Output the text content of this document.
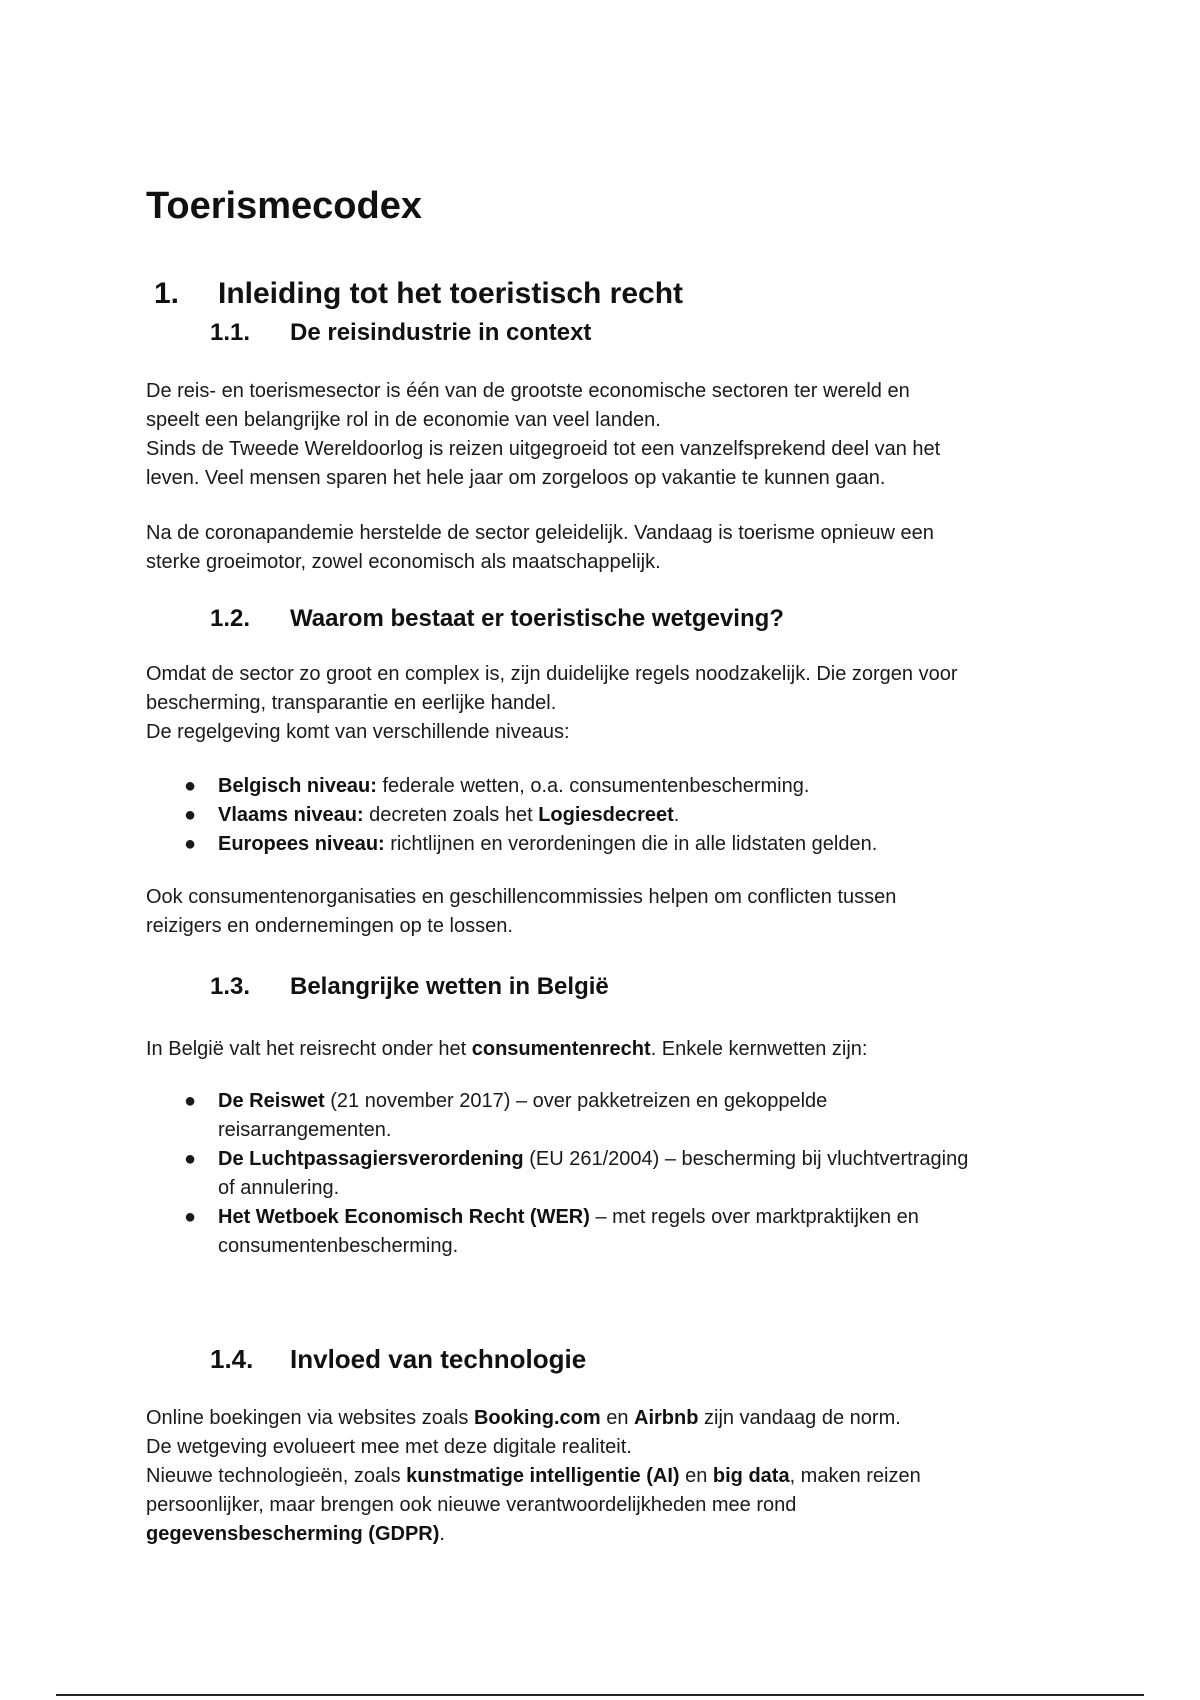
Toerismecodex
1. Inleiding tot het toeristisch recht
1.1. De reisindustrie in context
De reis- en toerismesector is één van de grootste economische sectoren ter wereld en
speelt een belangrijke rol in de economie van veel landen.
Sinds de Tweede Wereldoorlog is reizen uitgegroeid tot een vanzelfsprekend deel van het
leven. Veel mensen sparen het hele jaar om zorgeloos op vakantie te kunnen gaan.
Na de coronapandemie herstelde de sector geleidelijk. Vandaag is toerisme opnieuw een
sterke groeimotor, zowel economisch als maatschappelijk.
1.2. Waarom bestaat er toeristische wetgeving?
Omdat de sector zo groot en complex is, zijn duidelijke regels noodzakelijk. Die zorgen voor
bescherming, transparantie en eerlijke handel.
De regelgeving komt van verschillende niveaus:
● Belgisch niveau: federale wetten, o.a. consumentenbescherming.
● Vlaams niveau: decreten zoals het Logiesdecreet.
● Europees niveau: richtlijnen en verordeningen die in alle lidstaten gelden.
Ook consumentenorganisaties en geschillencommissies helpen om conflicten tussen
reizigers en ondernemingen op te lossen.
1.3. Belangrijke wetten in België
In België valt het reisrecht onder het consumentenrecht. Enkele kernwetten zijn:
● De Reiswet (21 november 2017) – over pakketreizen en gekoppelde
reisarrangementen.
● De Luchtpassagiersverordening (EU 261/2004) – bescherming bij vluchtvertraging
of annulering.
● Het Wetboek Economisch Recht (WER) – met regels over marktpraktijken en
consumentenbescherming.
1.4. Invloed van technologie
Online boekingen via websites zoals Booking.com en Airbnb zijn vandaag de norm.
De wetgeving evolueert mee met deze digitale realiteit.
Nieuwe technologieën, zoals kunstmatige intelligentie (AI) en big data, maken reizen
persoonlijker, maar brengen ook nieuwe verantwoordelijkheden mee rond
gegevensbescherming (GDPR).
